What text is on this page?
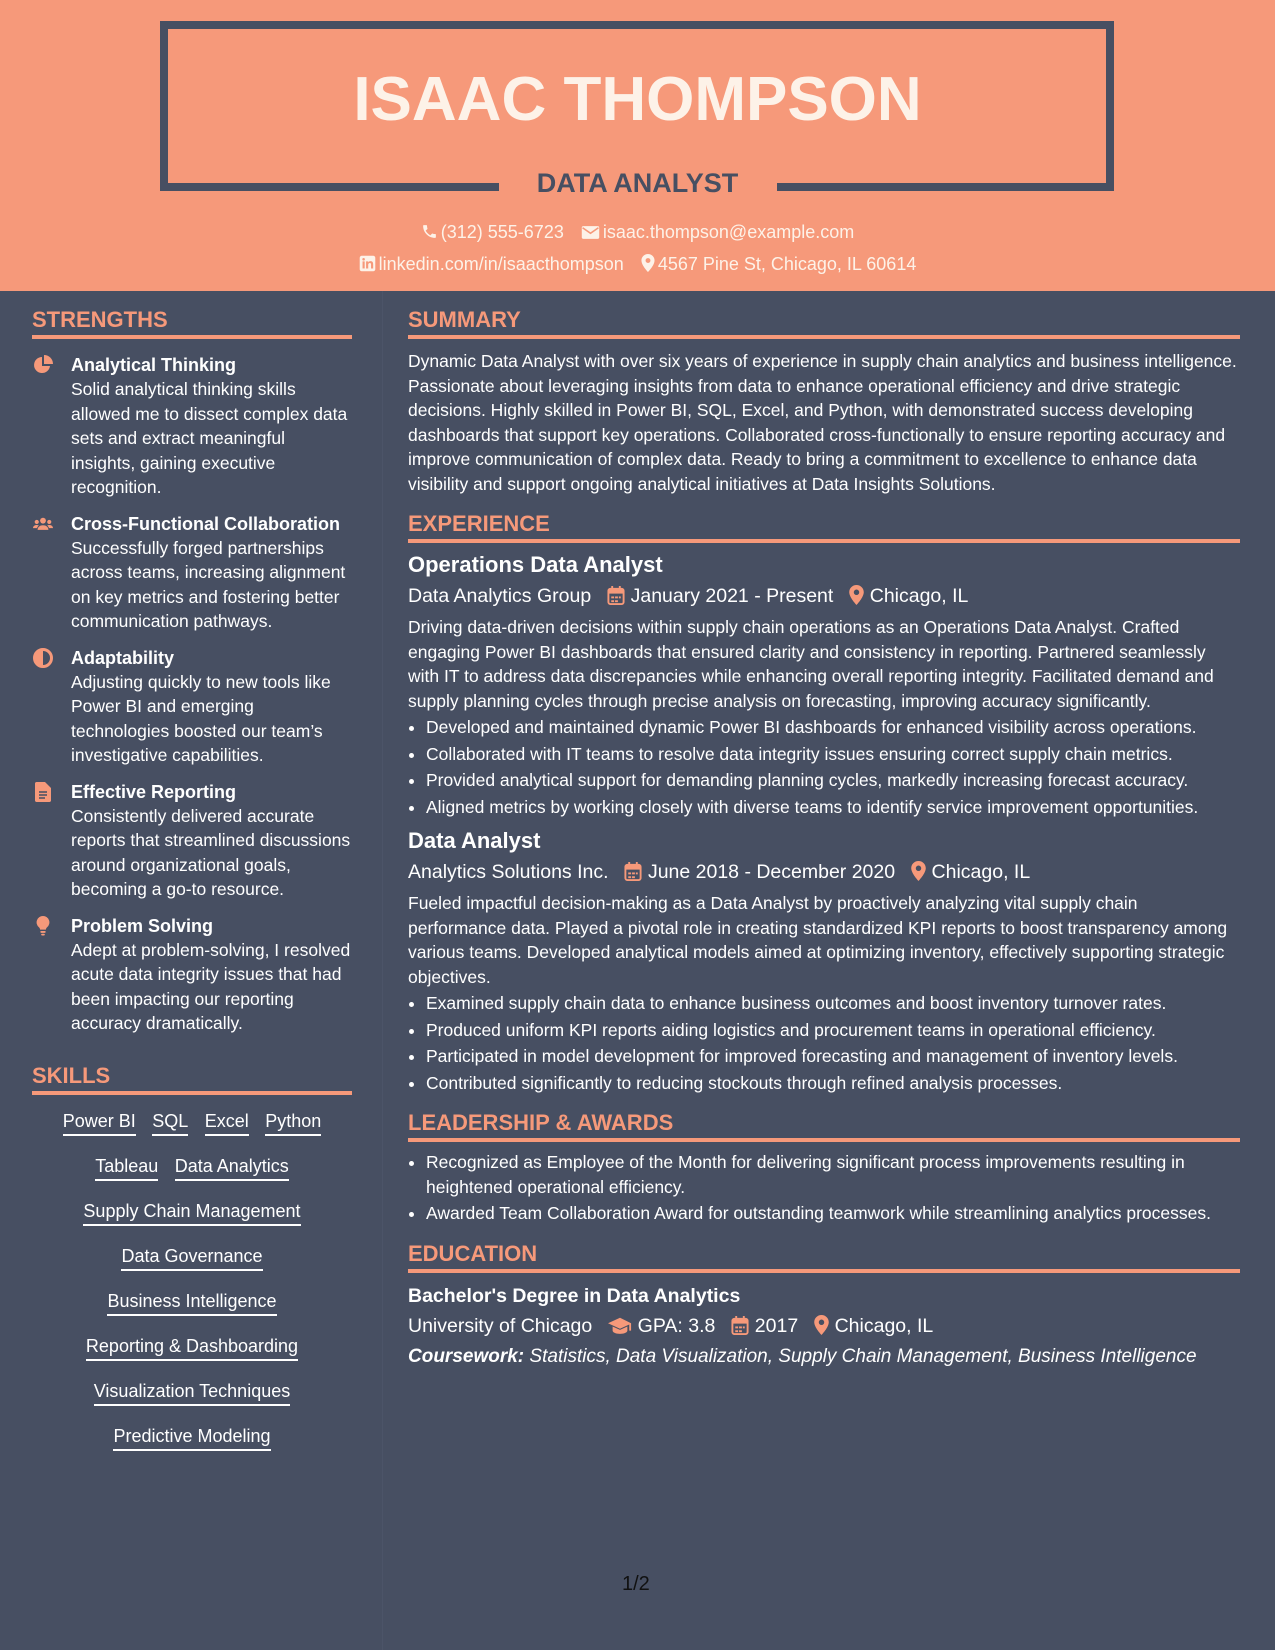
ISAAC THOMPSON
DATA ANALYST
(312) 555-6723 isaac.thompson@example.com
linkedin.com/in/isaacthompson 4567 Pine St, Chicago, IL 60614
STRENGTHS
Analytical Thinking
Solid analytical thinking skills allowed me to dissect complex data sets and extract meaningful insights, gaining executive recognition.
Cross-Functional Collaboration
Successfully forged partnerships across teams, increasing alignment on key metrics and fostering better communication pathways.
Adaptability
Adjusting quickly to new tools like Power BI and emerging technologies boosted our team’s investigative capabilities.
Effective Reporting
Consistently delivered accurate reports that streamlined discussions around organizational goals, becoming a go-to resource.
Problem Solving
Adept at problem-solving, I resolved acute data integrity issues that had been impacting our reporting accuracy dramatically.
SKILLS
Power BI SQL Excel Python
Tableau Data Analytics
Supply Chain Management
Data Governance
Business Intelligence
Reporting & Dashboarding
Visualization Techniques
Predictive Modeling
SUMMARY

Dynamic Data Analyst with over six years of experience in supply chain analytics and business intelligence. Passionate about leveraging insights from data to enhance operational efficiency and drive strategic decisions. Highly skilled in Power BI, SQL, Excel, and Python, with demonstrated success developing dashboards that support key operations. Collaborated cross-functionally to ensure reporting accuracy and improve communication of complex data. Ready to bring a commitment to excellence to enhance data visibility and support ongoing analytical initiatives at Data Insights Solutions.

EXPERIENCE
Operations Data Analyst
Data Analytics Group January 2021 - Present Chicago, IL

Driving data-driven decisions within supply chain operations as an Operations Data Analyst. Crafted engaging Power BI dashboards that ensured clarity and consistency in reporting. Partnered seamlessly with IT to address data discrepancies while enhancing overall reporting integrity. Facilitated demand and supply planning cycles through precise analysis on forecasting, improving accuracy significantly.

• Developed and maintained dynamic Power BI dashboards for enhanced visibility across operations.
• Collaborated with IT teams to resolve data integrity issues ensuring correct supply chain metrics.
• Provided analytical support for demanding planning cycles, markedly increasing forecast accuracy.
• Aligned metrics by working closely with diverse teams to identify service improvement opportunities.
Data Analyst
Analytics Solutions Inc. June 2018 - December 2020 Chicago, IL

Fueled impactful decision-making as a Data Analyst by proactively analyzing vital supply chain performance data. Played a pivotal role in creating standardized KPI reports to boost transparency among various teams. Developed analytical models aimed at optimizing inventory, effectively supporting strategic objectives.

• Examined supply chain data to enhance business outcomes and boost inventory turnover rates.
• Produced uniform KPI reports aiding logistics and procurement teams in operational efficiency.
• Participated in model development for improved forecasting and management of inventory levels.
• Contributed significantly to reducing stockouts through refined analysis processes.
LEADERSHIP & AWARDS
• Recognized as Employee of the Month for delivering significant process improvements resulting in heightened operational efficiency.
• Awarded Team Collaboration Award for outstanding teamwork while streamlining analytics processes.
EDUCATION
Bachelor's Degree in Data Analytics
University of Chicago GPA: 3.8 2017 Chicago, IL

Coursework: Statistics, Data Visualization, Supply Chain Management, Business Intelligence

1/2
